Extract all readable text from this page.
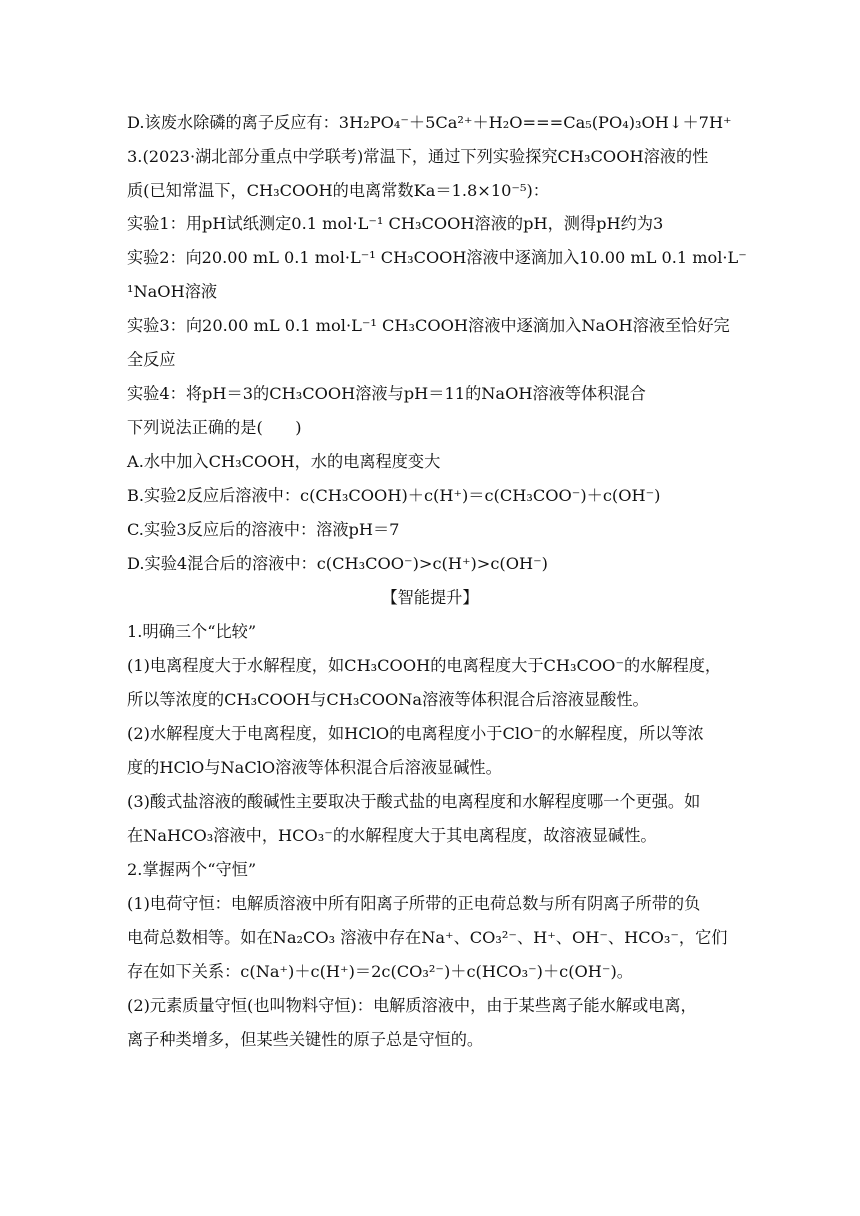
D.该废水除磷的离子反应有：3H₂PO₄⁻＋5Ca²⁺＋H₂O===Ca₅(PO₄)₃OH↓＋7H⁺
3.(2023·湖北部分重点中学联考)常温下，通过下列实验探究CH₃COOH溶液的性
质(已知常温下，CH₃COOH的电离常数Ka＝1.8×10⁻⁵)：
实验1：用pH试纸测定0.1 mol·L⁻¹ CH₃COOH溶液的pH，测得pH约为3
实验2：向20.00 mL 0.1 mol·L⁻¹ CH₃COOH溶液中逐滴加入10.00 mL 0.1 mol·L⁻
¹NaOH溶液
实验3：向20.00 mL 0.1 mol·L⁻¹ CH₃COOH溶液中逐滴加入NaOH溶液至恰好完
全反应
实验4：将pH＝3的CH₃COOH溶液与pH＝11的NaOH溶液等体积混合
下列说法正确的是(　　)
A.水中加入CH₃COOH，水的电离程度变大
B.实验2反应后溶液中：c(CH₃COOH)＋c(H⁺)＝c(CH₃COO⁻)＋c(OH⁻)
C.实验3反应后的溶液中：溶液pH＝7
D.实验4混合后的溶液中：c(CH₃COO⁻)>c(H⁺)>c(OH⁻)
【智能提升】
1.明确三个“比较”
(1)电离程度大于水解程度，如CH₃COOH的电离程度大于CH₃COO⁻的水解程度，
所以等浓度的CH₃COOH与CH₃COONa溶液等体积混合后溶液显酸性。
(2)水解程度大于电离程度，如HClO的电离程度小于ClO⁻的水解程度，所以等浓
度的HClO与NaClO溶液等体积混合后溶液显碱性。
(3)酸式盐溶液的酸碱性主要取决于酸式盐的电离程度和水解程度哪一个更强。如
在NaHCO₃溶液中，HCO₃⁻的水解程度大于其电离程度，故溶液显碱性。
2.掌握两个“守恒”
(1)电荷守恒：电解质溶液中所有阳离子所带的正电荷总数与所有阴离子所带的负
电荷总数相等。如在Na₂CO₃ 溶液中存在Na⁺、CO₃²⁻、H⁺、OH⁻、HCO₃⁻，它们
存在如下关系：c(Na⁺)＋c(H⁺)＝2c(CO₃²⁻)＋c(HCO₃⁻)＋c(OH⁻)。
(2)元素质量守恒(也叫物料守恒)：电解质溶液中，由于某些离子能水解或电离，
离子种类增多，但某些关键性的原子总是守恒的。
